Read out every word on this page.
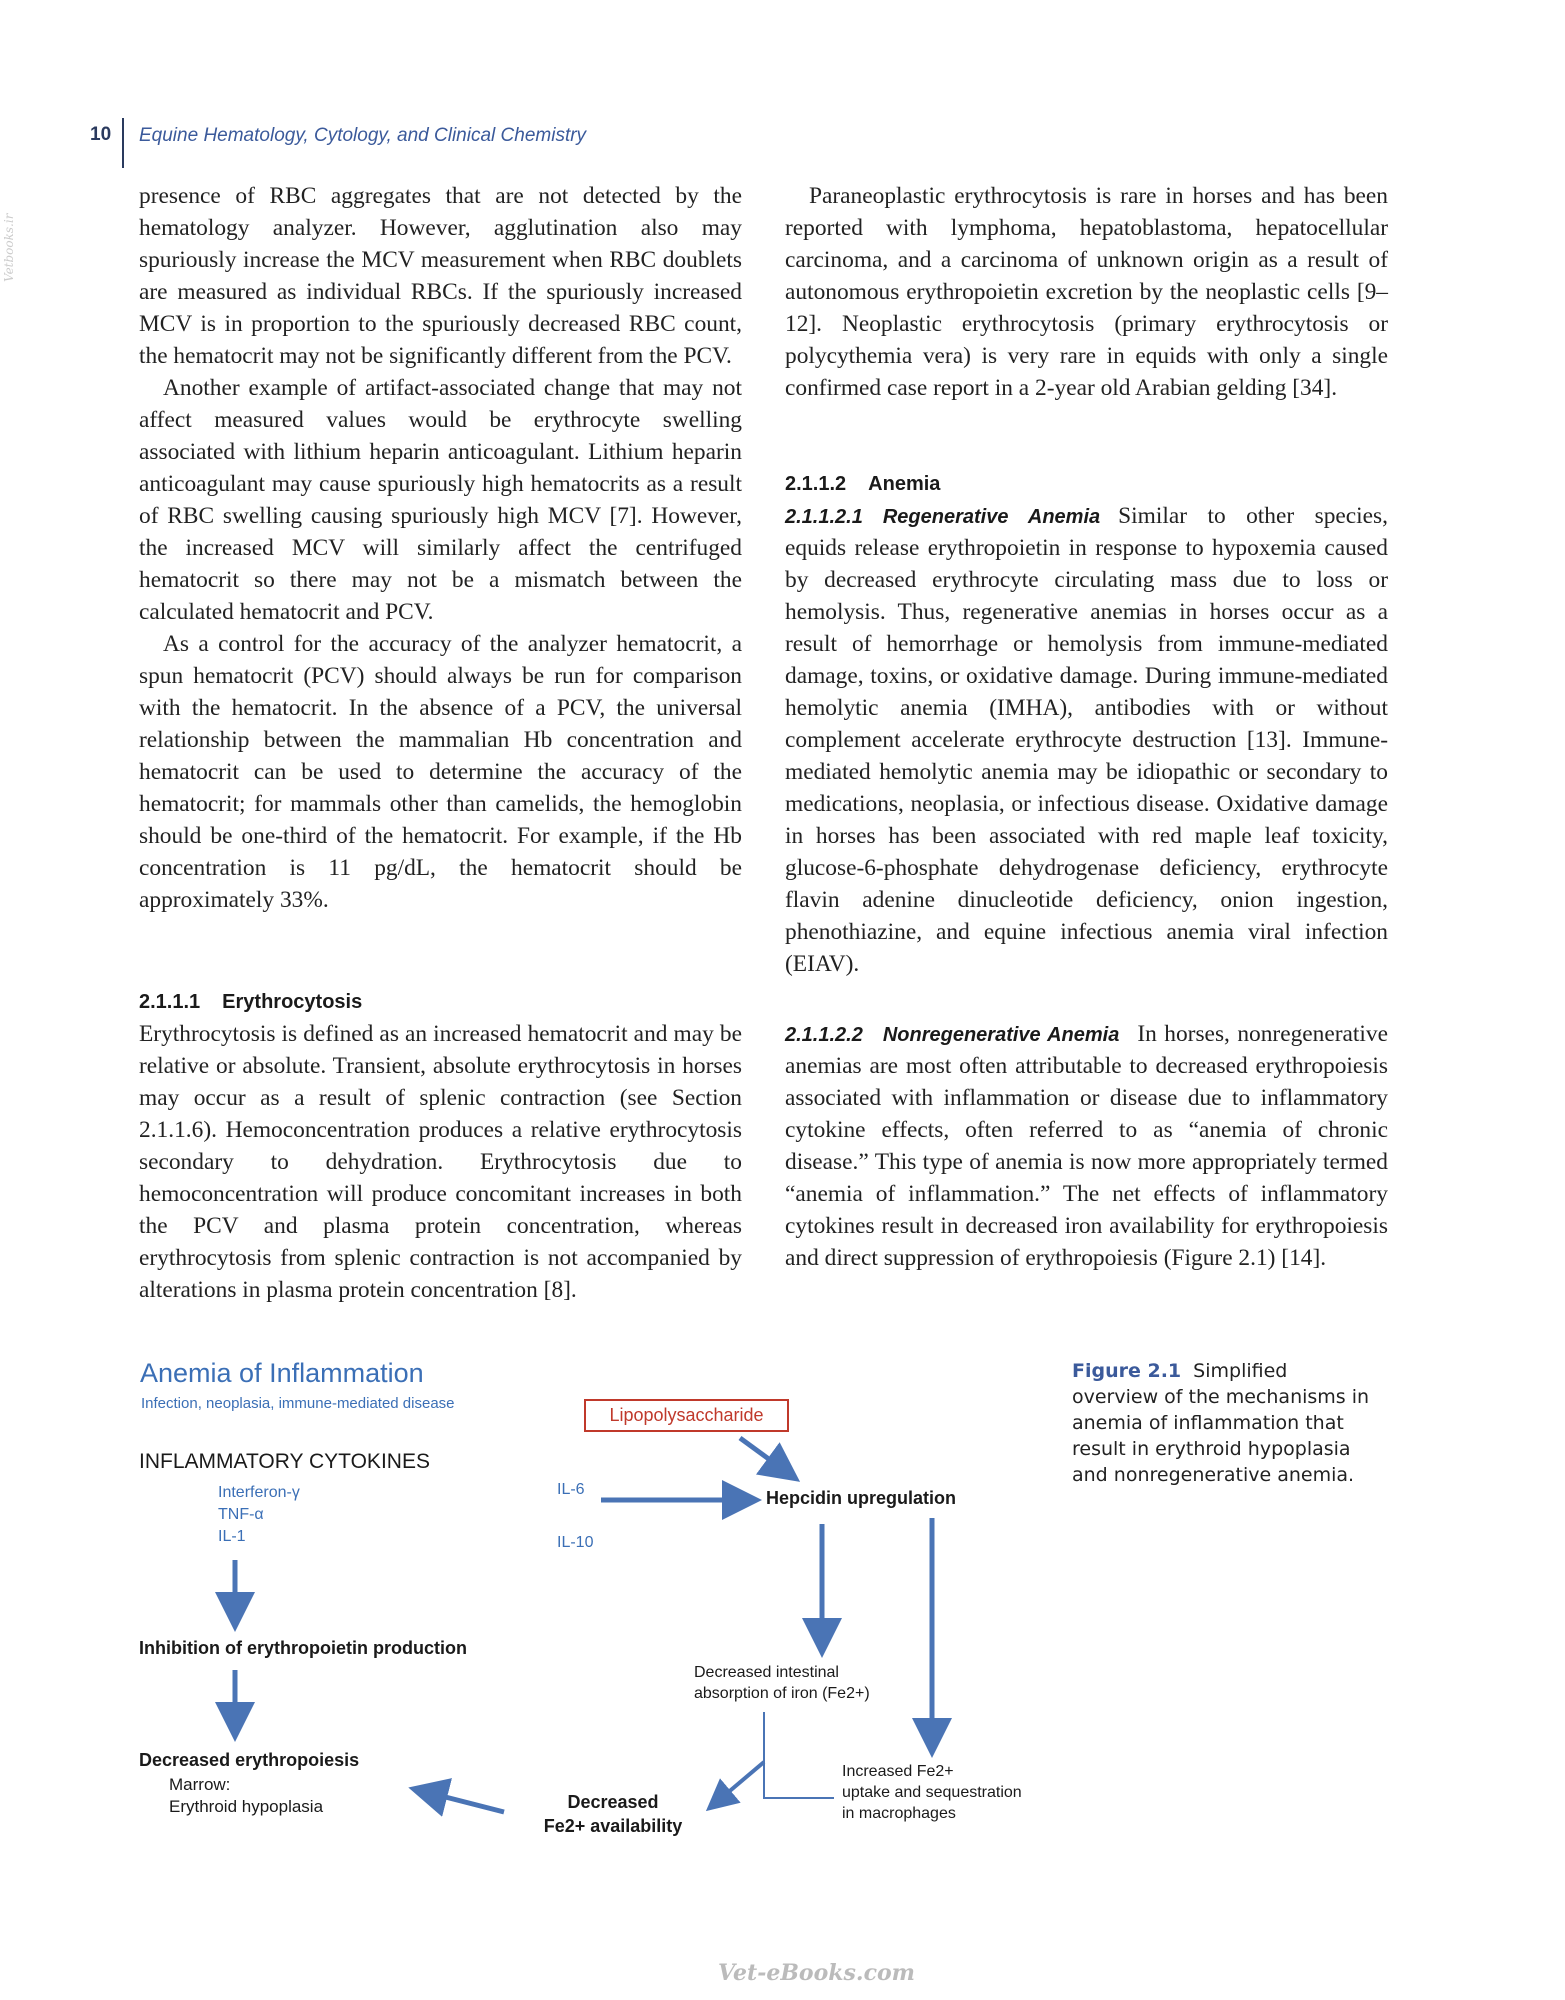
10 Equine Hematology, Cytology, and Clinical Chemistry

presence of RBC aggregates that are not detected by the hematology analyzer. However, agglutination also may spuriously increase the MCV measurement when RBC doublets are measured as individual RBCs. If the spuriously increased MCV is in proportion to the spuriously decreased RBC count, the hematocrit may not be significantly different from the PCV.

Another example of artifact-associated change that may not affect measured values would be erythrocyte swelling associated with lithium heparin anticoagulant. Lithium heparin anticoagulant may cause spuriously high hematocrits as a result of RBC swelling causing spuriously high MCV [7]. However, the increased MCV will similarly affect the centrifuged hematocrit so there may not be a mismatch between the calculated hematocrit and PCV.

As a control for the accuracy of the analyzer hematocrit, a spun hematocrit (PCV) should always be run for comparison with the hematocrit. In the absence of a PCV, the universal relationship between the mammalian Hb concentration and hematocrit can be used to determine the accuracy of the hematocrit; for mammals other than camelids, the hemoglobin should be one-third of the hematocrit. For example, if the Hb concentration is 11 pg/dL, the hematocrit should be approximately 33%.

2.1.1.1 Erythrocytosis

Erythrocytosis is defined as an increased hematocrit and may be relative or absolute. Transient, absolute erythrocytosis in horses may occur as a result of splenic contraction (see Section 2.1.1.6). Hemoconcentration produces a relative erythrocytosis secondary to dehydration. Erythrocytosis due to hemoconcentration will produce concomitant increases in both the PCV and plasma protein concentration, whereas erythrocytosis from splenic contraction is not accompanied by alterations in plasma protein concentration [8].

Paraneoplastic erythrocytosis is rare in horses and has been reported with lymphoma, hepatoblastoma, hepatocellular carcinoma, and a carcinoma of unknown origin as a result of autonomous erythropoietin excretion by the neoplastic cells [9–12]. Neoplastic erythrocytosis (primary erythrocytosis or polycythemia vera) is very rare in equids with only a single confirmed case report in a 2-year old Arabian gelding [34].

2.1.1.2 Anemia

2.1.1.2.1 Regenerative Anemia Similar to other species, equids release erythropoietin in response to hypoxemia caused by decreased erythrocyte circulating mass due to loss or hemolysis. Thus, regenerative anemias in horses occur as a result of hemorrhage or hemolysis from immune-mediated damage, toxins, or oxidative damage. During immune-mediated hemolytic anemia (IMHA), antibodies with or without complement accelerate erythrocyte destruction [13]. Immune-mediated hemolytic anemia may be idiopathic or secondary to medications, neoplasia, or infectious disease. Oxidative damage in horses has been associated with red maple leaf toxicity, glucose-6-phosphate dehydrogenase deficiency, erythrocyte flavin adenine dinucleotide deficiency, onion ingestion, phenothiazine, and equine infectious anemia viral infection (EIAV).

2.1.1.2.2 Nonregenerative Anemia In horses, nonregenerative anemias are most often attributable to decreased erythropoiesis associated with inflammation or disease due to inflammatory cytokine effects, often referred to as “anemia of chronic disease.” This type of anemia is now more appropriately termed “anemia of inflammation.” The net effects of inflammatory cytokines result in decreased iron availability for erythropoiesis and direct suppression of erythropoiesis (Figure 2.1) [14].

Anemia of Inflammation
Infection, neoplasia, immune-mediated disease
INFLAMMATORY CYTOKINES
Interferon-γ
TNF-α
IL-1
Lipopolysaccharide
IL-6
IL-10
Hepcidin upregulation
Inhibition of erythropoietin production
Decreased intestinal
absorption of iron (Fe2+)
Decreased erythropoiesis
Marrow:
Erythroid hypoplasia
Increased Fe2+
uptake and sequestration
in macrophages
Decreased
Fe2+ availability
Figure 2.1 Simplified overview of the mechanisms in anemia of inflammation that result in erythroid hypoplasia and nonregenerative anemia.
Vetbooks.ir
Vet-eBooks.com
